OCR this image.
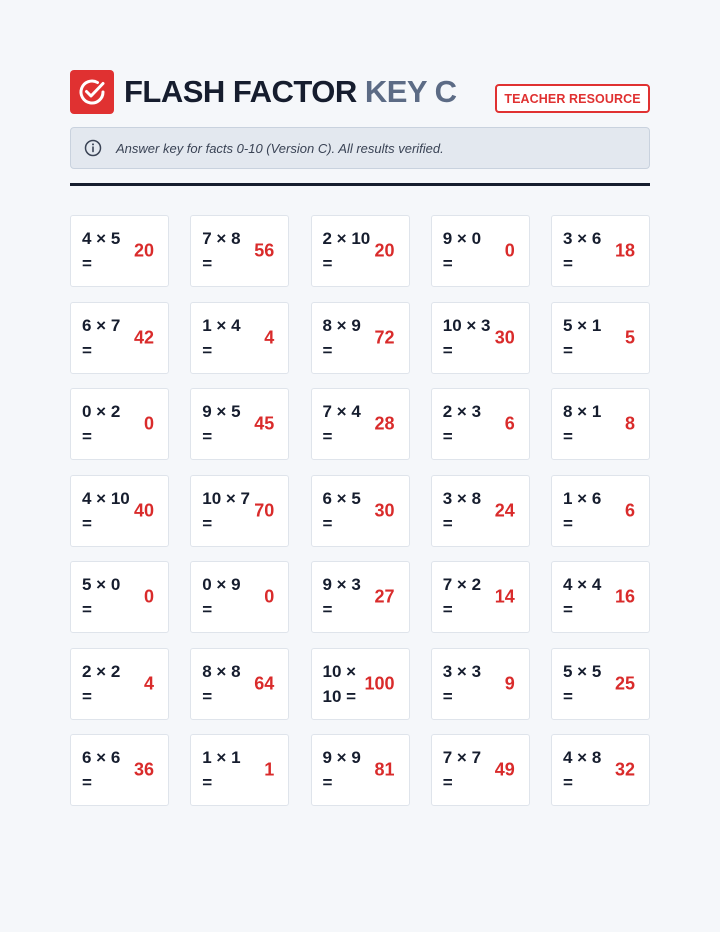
FLASH FACTOR KEY C	TEACHER RESOURCE
Answer key for facts 0-10 (Version C). All results verified.
4 × 5 =
20
7 × 8 =
56
2 × 10 =
20
9 × 0 =
0
3 × 6 =
18
6 × 7 =
42
1 × 4 =
4
8 × 9 =
72
10 × 3 =
30
5 × 1 =
5
0 × 2 =
0
9 × 5 =
45
7 × 4 =
28
2 × 3 =
6
8 × 1 =
8
4 × 10 =
40
10 × 7 =
70
6 × 5 =
30
3 × 8 =
24
1 × 6 =
6
5 × 0 =
0
0 × 9 =
0
9 × 3 =
27
7 × 2 =
14
4 × 4 =
16
2 × 2 =
4
8 × 8 =
64
10 × 10 =
100
3 × 3 =
9
5 × 5 =
25
6 × 6 =
36
1 × 1 =
1
9 × 9 =
81
7 × 7 =
49
4 × 8 =
32
